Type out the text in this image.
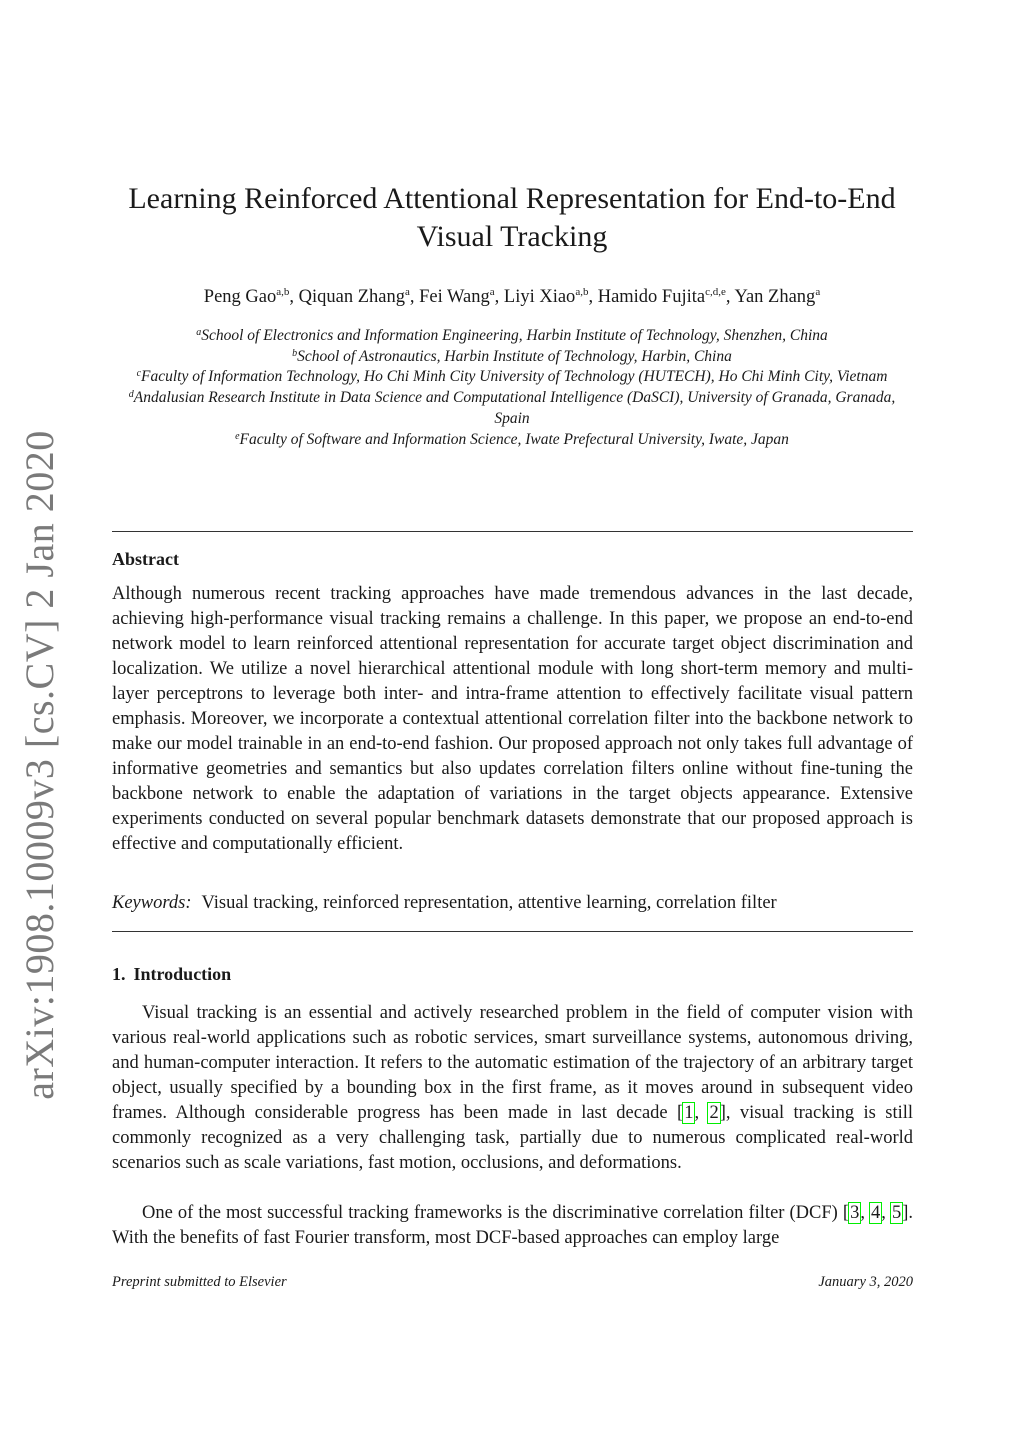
arXiv:1908.10009v3 [cs.CV] 2 Jan 2020
Learning Reinforced Attentional Representation for End-to-End
Visual Tracking
Peng Gao$^{a,b}$, Qiquan Zhang$^a$, Fei Wang$^a$, Liyi Xiao$^{a,b}$, Hamido Fujita$^{c,d,e}$, Yan Zhang$^a$
$^a$School of Electronics and Information Engineering, Harbin Institute of Technology, Shenzhen, China
$^b$School of Astronautics, Harbin Institute of Technology, Harbin, China
$^c$Faculty of Information Technology, Ho Chi Minh City University of Technology (HUTECH), Ho Chi Minh City, Vietnam
$^d$Andalusian Research Institute in Data Science and Computational Intelligence (DaSCI), University of Granada, Granada, Spain
$^e$Faculty of Software and Information Science, Iwate Prefectural University, Iwate, Japan
Abstract

Although numerous recent tracking approaches have made tremendous advances in the last decade, achieving high-performance visual tracking remains a challenge. In this paper, we propose an end-to-end network model to learn reinforced attentional representation for accurate target object discrimination and localization. We utilize a novel hierarchical attentional module with long short-term memory and multi-layer perceptrons to leverage both inter- and intra-frame attention to effectively facilitate visual pattern emphasis. Moreover, we incorporate a contextual attentional correlation filter into the backbone network to make our model trainable in an end-to-end fashion. Our proposed approach not only takes full advantage of informative geometries and semantics but also updates correlation filters online without fine-tuning the backbone network to enable the adaptation of variations in the target objects appearance. Extensive experiments conducted on several popular benchmark datasets demonstrate that our proposed approach is effective and computationally efficient.

Keywords: Visual tracking, reinforced representation, attentive learning, correlation filter
1. Introduction

Visual tracking is an essential and actively researched problem in the field of computer vision with various real-world applications such as robotic services, smart surveillance systems, autonomous driving, and human-computer interaction. It refers to the automatic estimation of the trajectory of an arbitrary target object, usually specified by a bounding box in the first frame, as it moves around in subsequent video frames. Although considerable progress has been made in last decade [1, 2], visual tracking is still commonly recognized as a very challenging task, partially due to numerous complicated real-world scenarios such as scale variations, fast motion, occlusions, and deformations.

One of the most successful tracking frameworks is the discriminative correlation filter (DCF) [3, 4, 5]. With the benefits of fast Fourier transform, most DCF-based approaches can employ large

Preprint submitted to Elsevier	January 3, 2020
